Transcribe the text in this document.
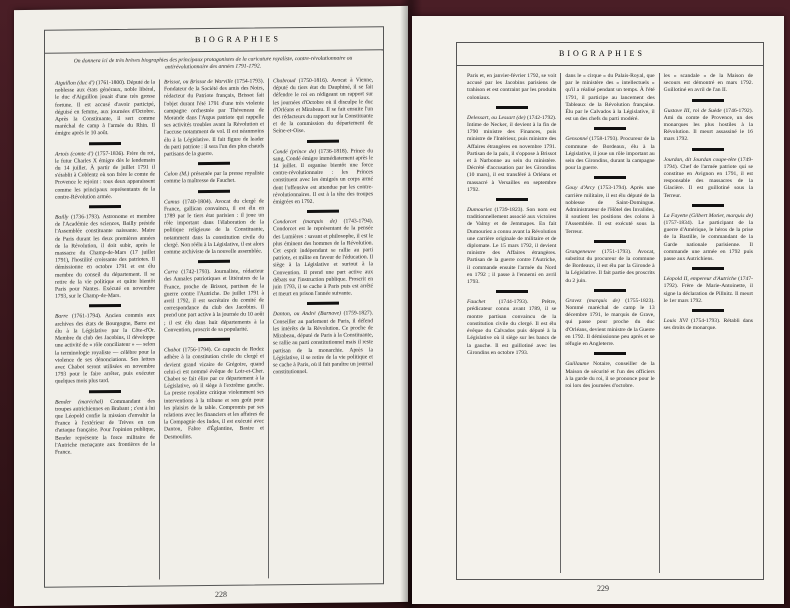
BIOGRAPHIES
On donnera ici de très brèves biographies des principaux protagonistes de la caricature royaliste, contre-révolutionnaire ou antirévolutionnaire des années 1791-1792.
Aiguillon (duc d') (1761-1800). Député de la noblesse aux états généraux, noble libéral, le duc d'Aiguillon jouait d'une très grosse fortune. Il est accusé d'avoir participé, déguisé en femme, aux journées d'Octobre. Après la Constituante, il sert comme maréchal de camp à l'armée du Rhin. Il émigre après le 10 août.
Artois (comte d') (1757-1836). Frère du roi, le futur Charles X émigre dès le lendemain du 14 juillet. À partir de juillet 1791 il s'établit à Coblentz où son frère le comte de Provence le rejoint : tous deux apparaissent comme les principaux représentants de la contre-Révolution armée.
Bailly (1736-1793). Astronome et membre de l'Académie des sciences, Bailly préside l'Assemblée constituante naissante. Maire de Paris durant les deux premières années de la Révolution, il doit subir, après le massacre du Champ-de-Mars (17 juillet 1791), l'hostilité croissante des patriotes. Il démissionne en octobre 1791 et est élu membre du conseil du département. Il se retire de la vie politique et quitte bientôt Paris pour Nantes. Exécuté en novembre 1793, sur le Champ-de-Mars.
Barre (1761-1794). Ancien commis aux archives des états de Bourgogne, Barre est élu à la Législative par la Côte-d'Or. Membre du club des Jacobins, il développe une activité de « rôle conciliateur » — selon la terminologie royaliste — célèbre pour la violence de ses dénonciations. Ses lettres avec Chabot seront utilisées en novembre 1793 pour le faire arrêter, puis exécuter quelques mois plus tard.
Bender (maréchal) Commandant des troupes autrichiennes en Brabant ; c'est à lui que Léopold confie la mission d'envahir la France à l'extérieur de Trèves en cas d'attaque française. Pour l'opinion publique, Bender représente la force militaire de l'Autriche menaçante aux frontières de la France.
Brissot, ou Brissot de Warville (1754-1793). Fondateur de la Société des amis des Noirs, rédacteur du Patriote français, Brissot fait l'objet durant l'été 1791 d'une très violente campagne orchestrée par Théveneau de Morande dans l'Argus patriote qui rappelle ses activités troubles avant la Révolution et l'accuse notamment de vol. Il est néanmoins élu à la Législative. Il fait figure de leader du parti patriote : il sera l'un des plus chauds partisans de la guerre.
Calon (M.) présentée par la presse royaliste comme la maîtresse de Fauchet.
Camus (1740-1804). Avocat du clergé de France, gallican convaincu, il est élu en 1789 par le tiers état parisien : il joue un rôle important dans l'élaboration de la politique religieuse de la Constituante, notamment dans la constitution civile du clergé. Non réélu à la Législative, il est alors comme archiviste de la nouvelle assemblée.
Carra (1742-1793). Journaliste, rédacteur des Annales patriotiques et littéraires de la France, proche de Brissot, partisan de la guerre contre l'Autriche. De juillet 1791 à avril 1792, il est secrétaire du comité de correspondance du club des Jacobins. Il prend une part active à la journée du 10 août ; il est élu dans huit départements à la Convention, proscrit de sa popularité.
Chabot (1756-1794). Ce capucin de Rodez adhère à la constitution civile du clergé et devient grand vicaire de Grégoire, quand celui-ci est nommé évêque de Loir-et-Cher. Chabot se fait élire par ce département à la Législative, où il siège à l'extrême gauche. La presse royaliste critique violemment ses interventions à la tribune et son goût pour les plaisirs de la table. Compromis par ses relations avec les financiers et les affaires de la Compagnie des Indes, il est exécuté avec Danton, Fabre d'Églantine, Basire et Desmoulins.
Chabroud (1750-1816). Avocat à Vienne, député du tiers état du Dauphiné, il se fait défendre le roi en rédigeant un rapport sur les journées d'Octobre où il disculpe le duc d'Orléans et Mirabeau. Il se fait ensuite l'un des rédacteurs du rapport sur la Constituante et de la commission du département de Seine-et-Oise.
Condé (prince de) (1736-1818). Prince du sang, Condé émigre immédiatement après le 14 juillet. Il organise bientôt une force contre-révolutionnaire : les Princes constituent avec les émigrés un corps armé dont l'offensive est attendue par les contre-révolutionnaires. Il est à la tête des troupes émigrées en 1792.
Condorcet (marquis de) (1743-1794). Condorcet est le représentant de la pensée des Lumières : savant et philosophe, il est le plus éminent des hommes de la Révolution. Cet esprit indépendant se rallie au parti patriote, et milite en faveur de l'éducation. Il siège à la Législative et surtout à la Convention. Il prend une part active aux débats sur l'instruction publique. Proscrit en juin 1793, il se cache à Paris puis est arrêté et meurt en prison l'année suivante.
Danton, ou André (Barnave) (1759-1827). Conseiller au parlement de Paris, il défend les intérêts de la Révolution. Ce proche de Mirabeau, député de Paris à la Constituante, se rallie au parti constitutionnel mais il reste partisan de la monarchie. Après la Législative, il se retire de la vie politique et se cache à Paris, où il fait paraître un journal constitutionnel.
228
BIOGRAPHIES
Paris et, en janvier-février 1792, se voit accusé par les Jacobins parisiens de trahison et est contraint par les produits coloniaux.
Delessart, ou Lessart (de) (1742-1792). Intime de Necker, il devient à la fin de 1790 ministre des Finances, puis ministre de l'Intérieur, puis ministre des Affaires étrangères en novembre 1791. Partisan de la paix, il s'oppose à Brissot et à Narbonne au sein du ministère. Décrété d'accusation par les Girondins (10 mars), il est transféré à Orléans et massacré à Versailles en septembre 1792.
Dumouriez (1739-1823). Son nom est traditionnellement associé aux victoires de Valmy et de Jemmapes. En fait Dumouriez a connu avant la Révolution une carrière originale de militaire et de diplomate. Le 15 mars 1792, il devient ministre des Affaires étrangères. Partisan de la guerre contre l'Autriche, il commande ensuite l'armée du Nord en 1792 ; il passe à l'ennemi en avril 1793.
Fauchet (1744-1793). Prêtre, prédicateur connu avant 1789, il se montre partisan convaincu de la constitution civile du clergé. Il est élu évêque du Calvados puis député à la Législative où il siège sur les bancs de la gauche. Il est guillotiné avec les Girondins en octobre 1793.
dans le « cirque » du Palais-Royal, que par le ministère des « intellectuels » qu'il a réalisé pendant un temps. À l'été 1791, il participe au lancement des Tableaux de la Révolution française. Élu par le Calvados à la Législative, il est un des chefs du parti modéré.
Gensonné (1758-1793). Procureur de la commune de Bordeaux, élu à la Législative, il joue un rôle important au sein des Girondins, durant la campagne pour la guerre.
Gouy d'Arcy (1753-1794). Après une carrière militaire, il est élu député de la noblesse de Saint-Domingue. Administrateur de l'Hôtel des Invalides, il soutient les positions des colons à l'Assemblée. Il est exécuté sous la Terreur.
Grangeneuve (1751-1793). Avocat, substitut du procureur de la commune de Bordeaux, il est élu par la Gironde à la Législative. Il fait partie des proscrits du 2 juin.
Gravez (marquis de) (1755-1823). Nommé maréchal de camp le 13 décembre 1791, le marquis de Grave, qui passe pour proche du duc d'Orléans, devient ministre de la Guerre en 1792. Il démissionne peu après et se réfugie en Angleterre.
Guillaume Notaire, conseiller de la Maison de sécurité et l'un des officiers à la garde du roi, il se prononce pour le roi lors des journées d'octobre.
les « scandale » de la Maison de secours est démontré en mars 1792. Guillotiné en avril de l'an II.
Gustave III, roi de Suède (1746-1792). Ami du comte de Provence, un des monarques les plus hostiles à la Révolution. Il meurt assassiné le 16 mars 1792.
Jourdan, dit Jourdan coupe-tête (1749-1794). Chef de l'armée patriote qui se constitue en Avignon en 1791, il est responsable des massacres de la Glacière. Il est guillotiné sous la Terreur.
La Fayette (Gilbert Motier, marquis de) (1757-1834). Le participant de la guerre d'Amérique, le héros de la prise de la Bastille, le commandant de la Garde nationale parisienne. Il commande une armée en 1792 puis passe aux Autrichiens.
Léopold II, empereur d'Autriche (1747-1792). Frère de Marie-Antoinette, il signe la déclaration de Pillnitz. Il meurt le 1er mars 1792.
Louis XVI (1754-1793). Rétabli dans ses droits de monarque.
229
